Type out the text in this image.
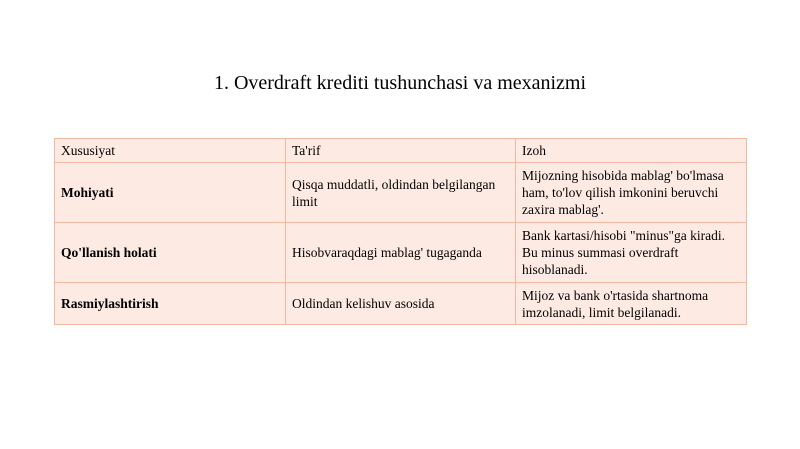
1. Overdraft krediti tushunchasi va mexanizmi
Xususiyat	Ta'rif	Izoh
Mohiyati	Qisqa muddatli, oldindan belgilangan limit	Mijozning hisobida mablag' bo'lmasa ham, to'lov qilish imkonini beruvchi zaxira mablag'.
Qo'llanish holati	Hisobvaraqdagi mablag' tugaganda	Bank kartasi/hisobi "minus"ga kiradi. Bu minus summasi overdraft hisoblanadi.
Rasmiylashtirish	Oldindan kelishuv asosida	Mijoz va bank o'rtasida shartnoma imzolanadi, limit belgilanadi.
